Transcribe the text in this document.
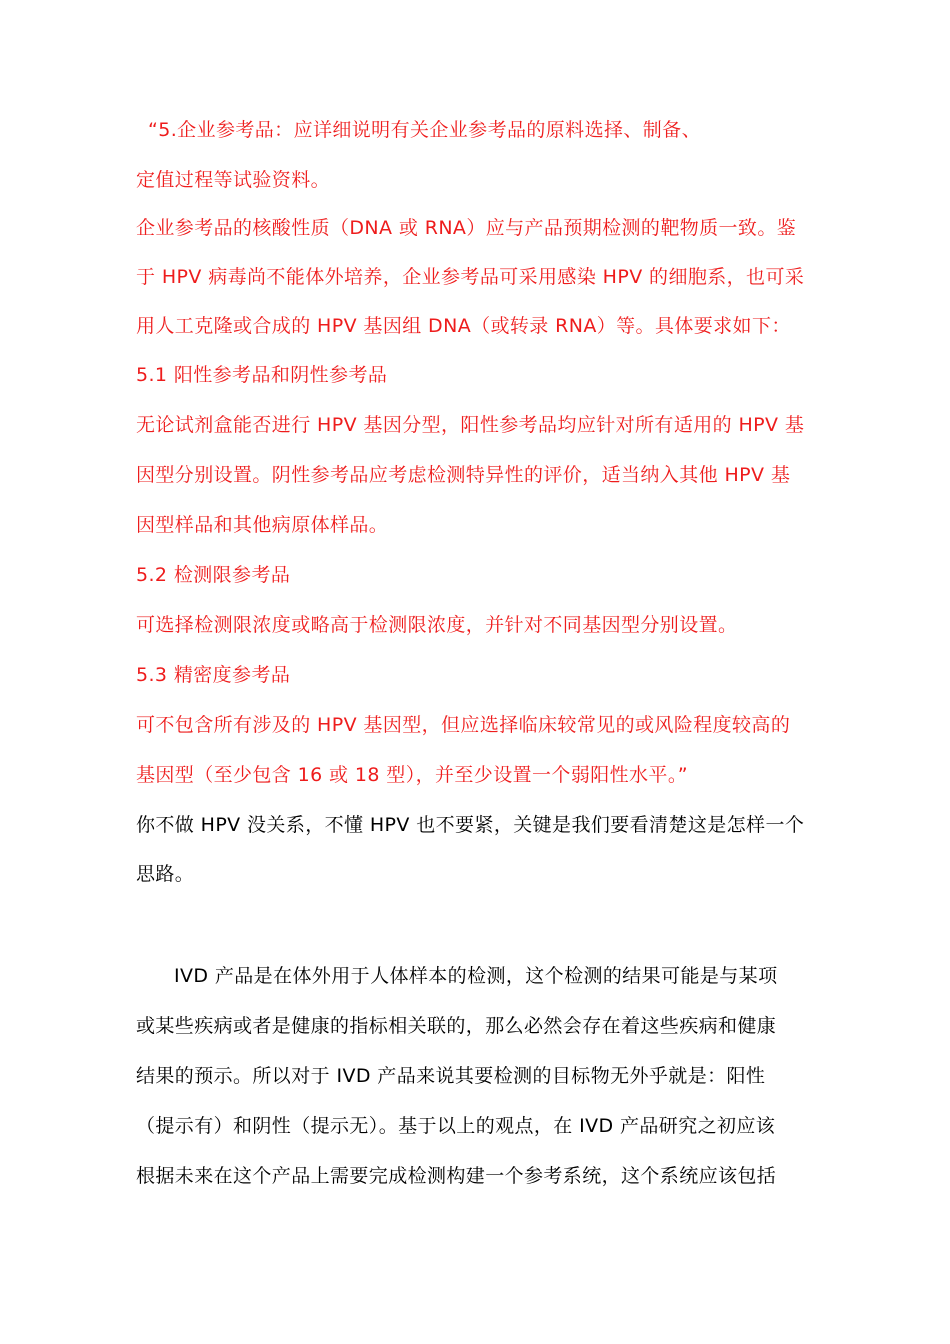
“5.企业参考品：应详细说明有关企业参考品的原料选择、制备、
定值过程等试验资料。
企业参考品的核酸性质（DNA 或 RNA）应与产品预期检测的靶物质一致。鉴
于 HPV 病毒尚不能体外培养，企业参考品可采用感染 HPV 的细胞系，也可采
用人工克隆或合成的 HPV 基因组 DNA（或转录 RNA）等。具体要求如下：
5.1 阳性参考品和阴性参考品
无论试剂盒能否进行 HPV 基因分型，阳性参考品均应针对所有适用的 HPV 基
因型分别设置。阴性参考品应考虑检测特异性的评价，适当纳入其他 HPV 基
因型样品和其他病原体样品。
5.2 检测限参考品
可选择检测限浓度或略高于检测限浓度，并针对不同基因型分别设置。
5.3 精密度参考品
可不包含所有涉及的 HPV 基因型，但应选择临床较常见的或风险程度较高的
基因型（至少包含 16 或 18 型），并至少设置一个弱阳性水平。”
你不做 HPV 没关系，不懂 HPV 也不要紧，关键是我们要看清楚这是怎样一个
思路。
IVD 产品是在体外用于人体样本的检测，这个检测的结果可能是与某项
或某些疾病或者是健康的指标相关联的，那么必然会存在着这些疾病和健康
结果的预示。所以对于 IVD 产品来说其要检测的目标物无外乎就是：阳性
（提示有）和阴性（提示无）。基于以上的观点，在 IVD 产品研究之初应该
根据未来在这个产品上需要完成检测构建一个参考系统，这个系统应该包括
